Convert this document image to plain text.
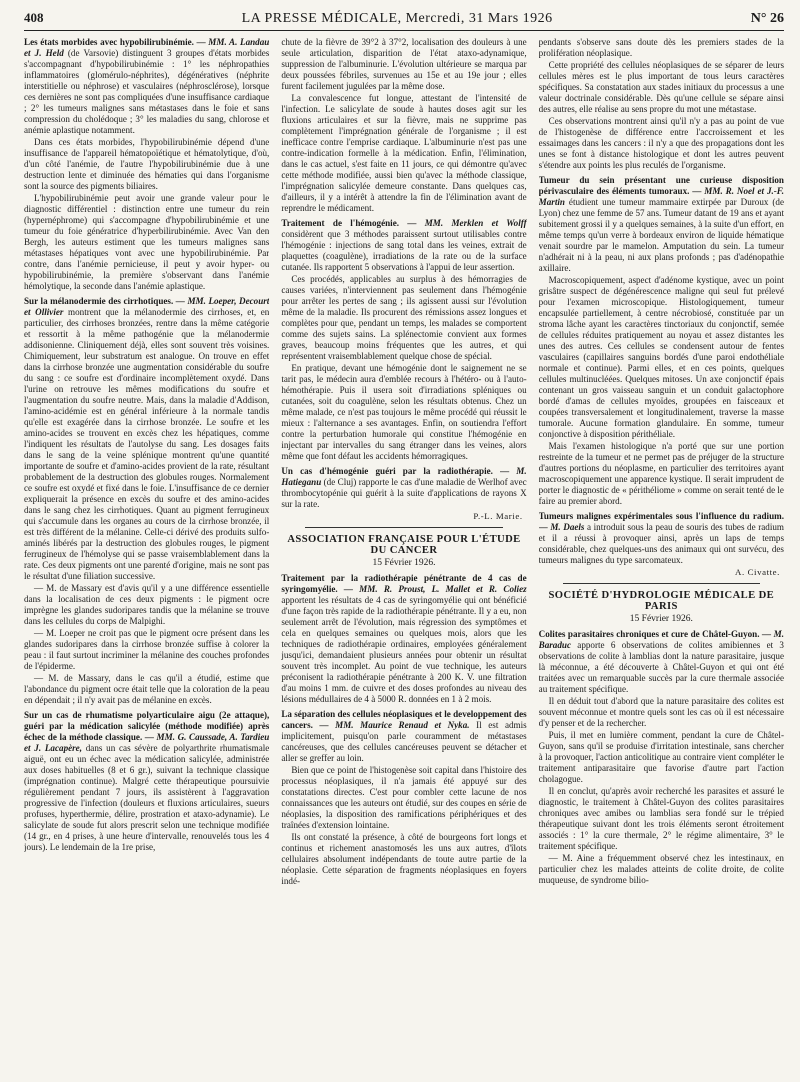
408	LA PRESSE MÉDICALE, Mercredi, 31 Mars 1926	N° 26

Les états morbides avec hypobilirubinémie. — MM. A. Landau et J. Held (de Varsovie) distinguent 3 groupes d'états morbides s'accompagnant d'hypobilirubinémie : 1° les néphropathies inflammatoires (glomérulo-néphrites), dégénératives (néphrite interstitielle ou néphrose) et vasculaires (néphrosclérose), lorsque ces dernières ne sont pas compliquées d'une insuffisance cardiaque ; 2° les tumeurs malignes sans métastases dans le foie et sans compression du cholédoque ; 3° les maladies du sang, chlorose et anémie aplastique notamment.

Dans ces états morbides, l'hypobilirubinémie dépend d'une insuffisance de l'appareil hématopoïétique et hématolytique, d'où, d'un côté l'anémie, de l'autre l'hypobilirubinémie due à une destruction lente et diminuée des hématies qui dans l'organisme sont la source des pigments biliaires.

L'hypobilirubinémie peut avoir une grande valeur pour le diagnostic différentiel : distinction entre une tumeur du rein (hypernéphrome) qui s'accompagne d'hypobilirubinémie et une tumeur du foie génératrice d'hyperbilirubinémie. Avec Van den Bergh, les auteurs estiment que les tumeurs malignes sans métastases hépatiques vont avec une hypobilirubinémie. Par contre, dans l'anémie pernicieuse, il peut y avoir hyper- ou hypobilirubinémie, la première s'observant dans l'anémie hémolytique, la seconde dans l'anémie aplastique.

Sur la mélanodermie des cirrhotiques. — MM. Loeper, Decourt et Ollivier montrent que la mélanodermie des cirrhoses, et, en particulier, des cirrhoses bronzées, rentre dans la même catégorie et ressortit à la même pathogénie que la mélanodermie addisonienne. Cliniquement déjà, elles sont souvent très voisines. Chimiquement, leur substratum est analogue. On trouve en effet dans la cirrhose bronzée une augmentation considérable du soufre du sang : ce soufre est d'ordinaire incomplètement oxydé. Dans l'urine on retrouve les mêmes modifications du soufre et l'augmentation du soufre neutre. Mais, dans la maladie d'Addison, l'amino-acidémie est en général inférieure à la normale tandis qu'elle est exagérée dans la cirrhose bronzée. Le soufre et les amino-acides se trouvent en excès chez les hépatiques, comme l'indiquent les résultats de l'autolyse du sang. Les dosages faits dans le sang de la veine splénique montrent qu'une quantité importante de soufre et d'amino-acides provient de la rate, résultant probablement de la destruction des globules rouges. Normalement ce soufre est oxydé et fixé dans le foie. L'insuffisance de ce dernier expliquerait la présence en excès du soufre et des amino-acides dans le sang chez les cirrhotiques. Quant au pigment ferrugineux qui s'accumule dans les organes au cours de la cirrhose bronzée, il est très différent de la mélanine. Celle-ci dérivé des produits sulfo-aminés libérés par la destruction des globules rouges, le pigment ferrugineux de l'hémolyse qui se passe vraisemblablement dans la rate. Ces deux pigments ont une parenté d'origine, mais ne sont pas le résultat d'une filiation successive.

— M. de Massary est d'avis qu'il y a une différence essentielle dans la localisation de ces deux pigments : le pigment ocre imprègne les glandes sudoripares tandis que la mélanine se trouve dans les cellules du corps de Malpighi.

— M. Loeper ne croit pas que le pigment ocre présent dans les glandes sudoripares dans la cirrhose bronzée suffise à colorer la peau : il faut surtout incriminer la mélanine des couches profondes de l'épiderme.

— M. de Massary, dans le cas qu'il a étudié, estime que l'abondance du pigment ocre était telle que la coloration de la peau en dépendait ; il n'y avait pas de mélanine en excès.

Sur un cas de rhumatisme polyarticulaire aigu (2e attaque), guéri par la médication salicylée (méthode modifiée) après échec de la méthode classique. — MM. G. Caussade, A. Tardieu et J. Lacapère, dans un cas sévère de polyarthrite rhumatismale aiguë, ont eu un échec avec la médication salicylée, administrée aux doses habituelles (8 et 6 gr.), suivant la technique classique (imprégnation continue). Malgré cette thérapeutique poursuivie régulièrement pendant 7 jours, ils assistèrent à l'aggravation progressive de l'infection (douleurs et fluxions articulaires, sueurs profuses, hyperthermie, délire, prostration et ataxo-adynamie). Le salicylate de soude fut alors prescrit selon une technique modifiée (14 gr., en 4 prises, à une heure d'intervalle, renouvelés tous les 4 jours). Le lendemain de la 1re prise,

chute de la fièvre de 39°2 à 37°2, localisation des douleurs à une seule articulation, disparition de l'état ataxo-adynamique, suppression de l'albuminurie. L'évolution ultérieure se marqua par deux poussées fébriles, survenues au 15e et au 19e jour ; elles furent facilement jugulées par la même dose.

La convalescence fut longue, attestant de l'intensité de l'infection. Le salicylate de soude à hautes doses agit sur les fluxions articulaires et sur la fièvre, mais ne supprime pas complètement l'imprégnation générale de l'organisme ; il est inefficace contre l'emprise cardiaque. L'albuminurie n'est pas une contre-indication formelle à la médication. Enfin, l'élimination, dans le cas actuel, s'est faite en 11 jours, ce qui démontre qu'avec cette méthode modifiée, aussi bien qu'avec la méthode classique, l'imprégnation salicylée demeure constante. Dans quelques cas, d'ailleurs, il y a intérêt à attendre la fin de l'élimination avant de reprendre le médicament.

Traitement de l'hémogénie. — MM. Merklen et Wolff considèrent que 3 méthodes paraissent surtout utilisables contre l'hémogénie : injections de sang total dans les veines, extrait de plaquettes (coagulène), irradiations de la rate ou de la surface cutanée. Ils rapportent 5 observations à l'appui de leur assertion.

Ces procédés, applicables au surplus à des hémorragies de causes variées, n'interviennent pas seulement dans l'hémogénie pour arrêter les pertes de sang ; ils agissent aussi sur l'évolution même de la maladie. Ils procurent des rémissions assez longues et complètes pour que, pendant un temps, les malades se comportent comme des sujets sains. La splénectomie convient aux formes graves, beaucoup moins fréquentes que les autres, et qui représentent vraisemblablement quelque chose de spécial.

En pratique, devant une hémogénie dont le saignement ne se tarit pas, le médecin aura d'emblée recours à l'hétéro- ou à l'auto-hémothérapie. Puis il usera soit d'irradiations spléniques ou cutanées, soit du coagulène, selon les résultats obtenus. Chez un même malade, ce n'est pas toujours le même procédé qui réussit le mieux : l'alternance a ses avantages. Enfin, on soutiendra l'effort contre la perturbation humorale qui constitue l'hémogénie en injectant par intervalles du sang étranger dans les veines, alors même que font défaut les accidents hémorragiques.

Un cas d'hémogénie guéri par la radiothérapie. — M. Hatieganu (de Cluj) rapporte le cas d'une maladie de Werlhof avec thrombocytopénie qui guérit à la suite d'applications de rayons X sur la rate.

P.-L. Marie.
ASSOCIATION FRANÇAISE POUR L'ÉTUDE DU CANCER
15 Février 1926.

Traitement par la radiothérapie pénétrante de 4 cas de syringomyélie. — MM. R. Proust, L. Mallet et R. Coliez apportent les résultats de 4 cas de syringomyélie qui ont bénéficié d'une façon très rapide de la radiothérapie pénétrante. Il y a eu, non seulement arrêt de l'évolution, mais régression des symptômes et cela en quelques semaines ou quelques mois, alors que les techniques de radiothérapie ordinaires, employées généralement jusqu'ici, demandaient plusieurs années pour obtenir un résultat souvent très incomplet. Au point de vue technique, les auteurs préconisent la radiothérapie pénétrante à 200 K. V. une filtration d'au moins 1 mm. de cuivre et des doses profondes au niveau des lésions médullaires de 4 à 5000 R. données en 1 à 2 mois.

La séparation des cellules néoplasiques et le developpement des cancers. — MM. Maurice Renaud et Nyka. Il est admis implicitement, puisqu'on parle couramment de métastases cancéreuses, que des cellules cancéreuses peuvent se détacher et aller se greffer au loin.

Bien que ce point de l'histogenèse soit capital dans l'histoire des processus néoplasiques, il n'a jamais été appuyé sur des constatations directes. C'est pour combler cette lacune de nos connaissances que les auteurs ont étudié, sur des coupes en série de néoplasies, la disposition des ramifications périphériques et des traînées d'extension lointaine.

Ils ont constaté la présence, à côté de bourgeons fort longs et continus et richement anastomosés les uns aux autres, d'îlots cellulaires absolument indépendants de toute autre partie de la néoplasie. Cette séparation de fragments néoplasiques en foyers indé-

pendants s'observe sans doute dès les premiers stades de la prolifération néoplasique.

Cette propriété des cellules néoplasiques de se séparer de leurs cellules mères est le plus important de tous leurs caractères spécifiques. Sa constatation aux stades initiaux du processus a une valeur doctrinale considérable. Dès qu'une cellule se sépare ainsi des autres, elle réalise au sens propre du mot une métastase.

Ces observations montrent ainsi qu'il n'y a pas au point de vue de l'histogenèse de différence entre l'accroissement et les essaimages dans les cancers : il n'y a que des propagations dont les unes se font à distance histologique et dont les autres peuvent s'étendre aux points les plus reculés de l'organisme.

Tumeur du sein présentant une curieuse disposition périvasculaire des éléments tumoraux. — MM. R. Noel et J.-F. Martin étudient une tumeur mammaire extirpée par Duroux (de Lyon) chez une femme de 57 ans. Tumeur datant de 19 ans et ayant subitement grossi il y a quelques semaines, à la suite d'un effort, en même temps qu'un verre à bordeaux environ de liquide hématique venait sourdre par le mamelon. Amputation du sein. La tumeur n'adhérait ni à la peau, ni aux plans profonds ; pas d'adénopathie axillaire.

Macroscopiquement, aspect d'adénome kystique, avec un point grisâtre suspect de dégénérescence maligne qui seul fut prélevé pour l'examen microscopique. Histologiquement, tumeur encapsulée partiellement, à centre nécrobiosé, constituée par un stroma lâche ayant les caractères tinctoriaux du conjonctif, semée de cellules réduites pratiquement au noyau et assez distantes les unes des autres. Ces cellules se condensent autour de fentes vasculaires (capillaires sanguins bordés d'une paroi endothéliale normale et continue). Parmi elles, et en ces points, quelques cellules multinucléées. Quelques mitoses. Un axe conjonctif épais contenant un gros vaisseau sanguin et un conduit galactophore bordé d'amas de cellules myoïdes, groupées en faisceaux et coupées transversalement et longitudinalement, traverse la masse tumorale. Aucune formation glandulaire. En somme, tumeur conjonctive à disposition périthéliale.

Mais l'examen histologique n'a porté que sur une portion restreinte de la tumeur et ne permet pas de préjuger de la structure d'autres portions du néoplasme, en particulier des territoires ayant macroscopiquement une apparence kystique. Il serait imprudent de porter le diagnostic de « périthéliome » comme on serait tenté de le faire au premier abord.

Tumeurs malignes expérimentales sous l'influence du radium. — M. Daels a introduit sous la peau de souris des tubes de radium et il a réussi à provoquer ainsi, après un laps de temps considérable, chez quelques-uns des animaux qui ont survécu, des tumeurs malignes du type sarcomateux.

A. Civatte.
SOCIÉTÉ D'HYDROLOGIE MÉDICALE DE PARIS
15 Février 1926.

Colites parasitaires chroniques et cure de Châtel-Guyon. — M. Baraduc apporte 6 observations de colites amibiennes et 3 observations de colite à lamblias dont la nature parasitaire, jusque là méconnue, a été découverte à Châtel-Guyon et qui ont été traitées avec un remarquable succès par la cure thermale associée au traitement spécifique.

Il en déduit tout d'abord que la nature parasitaire des colites est souvent méconnue et montre quels sont les cas où il est nécessaire d'y penser et de la rechercher.

Puis, il met en lumière comment, pendant la cure de Châtel-Guyon, sans qu'il se produise d'irritation intestinale, sans chercher à la provoquer, l'action anticolitique au contraire vient compléter le traitement antiparasitaire que favorise d'autre part l'action cholagogue.

Il en conclut, qu'après avoir recherché les parasites et assuré le diagnostic, le traitement à Châtel-Guyon des colites parasitaires chroniques avec amibes ou lamblias sera fondé sur le trépied thérapeutique suivant dont les trois éléments seront étroitement associés : 1° la cure thermale, 2° le régime alimentaire, 3° le traitement spécifique.

— M. Aine a fréquemment observé chez les intestinaux, en particulier chez les malades atteints de colite droite, de colite muqueuse, de syndrome bilio-
